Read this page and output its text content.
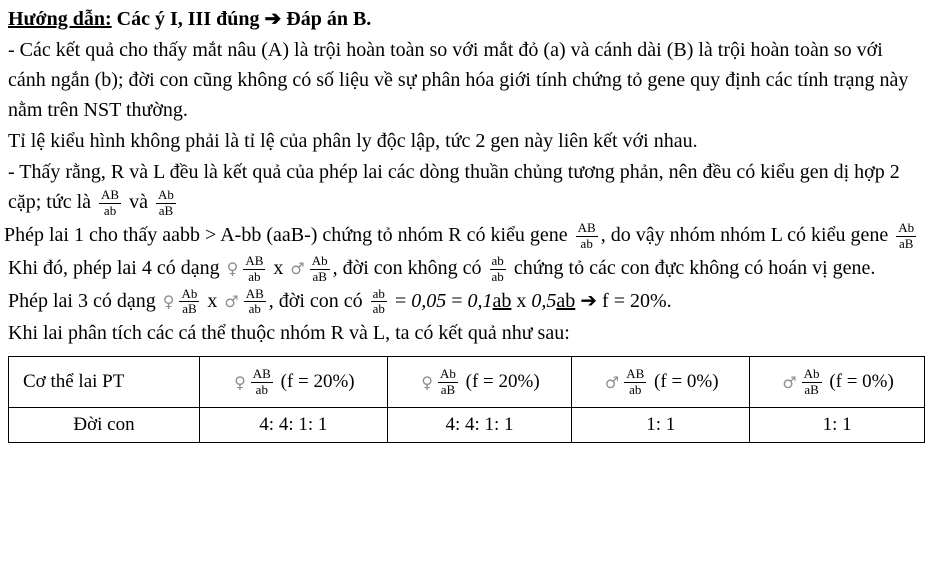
Hướng dẫn: Các ý I, III đúng ➔ Đáp án B.
- Các kết quả cho thấy mắt nâu (A) là trội hoàn toàn so với mắt đỏ (a) và cánh dài (B) là trội hoàn toàn so với cánh ngắn (b); đời con cũng không có số liệu về sự phân hóa giới tính chứng tỏ gene quy định các tính trạng này nằm trên NST thường.
Tỉ lệ kiểu hình không phải là tỉ lệ của phân ly độc lập, tức 2 gen này liên kết với nhau.
- Thấy rằng, R và L đều là kết quả của phép lai các dòng thuần chủng tương phản, nên đều có kiểu gen dị hợp 2 cặp; tức là $\frac{AB}{ab}$ và $\frac{Ab}{aB}$
Phép lai 1 cho thấy aabb > A-bb (aaB-) chứng tỏ nhóm R có kiểu gene $\frac{AB}{ab}$ , do vậy nhóm nhóm L có kiểu gene $\frac{Ab}{aB}$
Khi đó, phép lai 4 có dạng ♀ $\frac{AB}{ab}$ x ♂ $\frac{Ab}{aB}$ , đời con không có $\frac{ab}{ab}$ chứng tỏ các con đực không có hoán vị gene.
Phép lai 3 có dạng ♀ $\frac{Ab}{aB}$ x ♂ $\frac{AB}{ab}$ , đời con có $\frac{ab}{ab} = 0,05 = 0,1ab$ x 0,5ab ➔ f = 20%.
Khi lai phân tích các cá thể thuộc nhóm R và L, ta có kết quả như sau:
Cơ thể lai PT	♀ $\frac{AB}{ab} (f = 20\%)$	♀ $\frac{Ab}{aB} (f = 20\%)$	♂ $\frac{AB}{ab} (f = 0\%)$	♂ $\frac{Ab}{aB} (f = 0\%)$
Đời con	4: 4: 1: 1	4: 4: 1: 1	1: 1	1: 1
